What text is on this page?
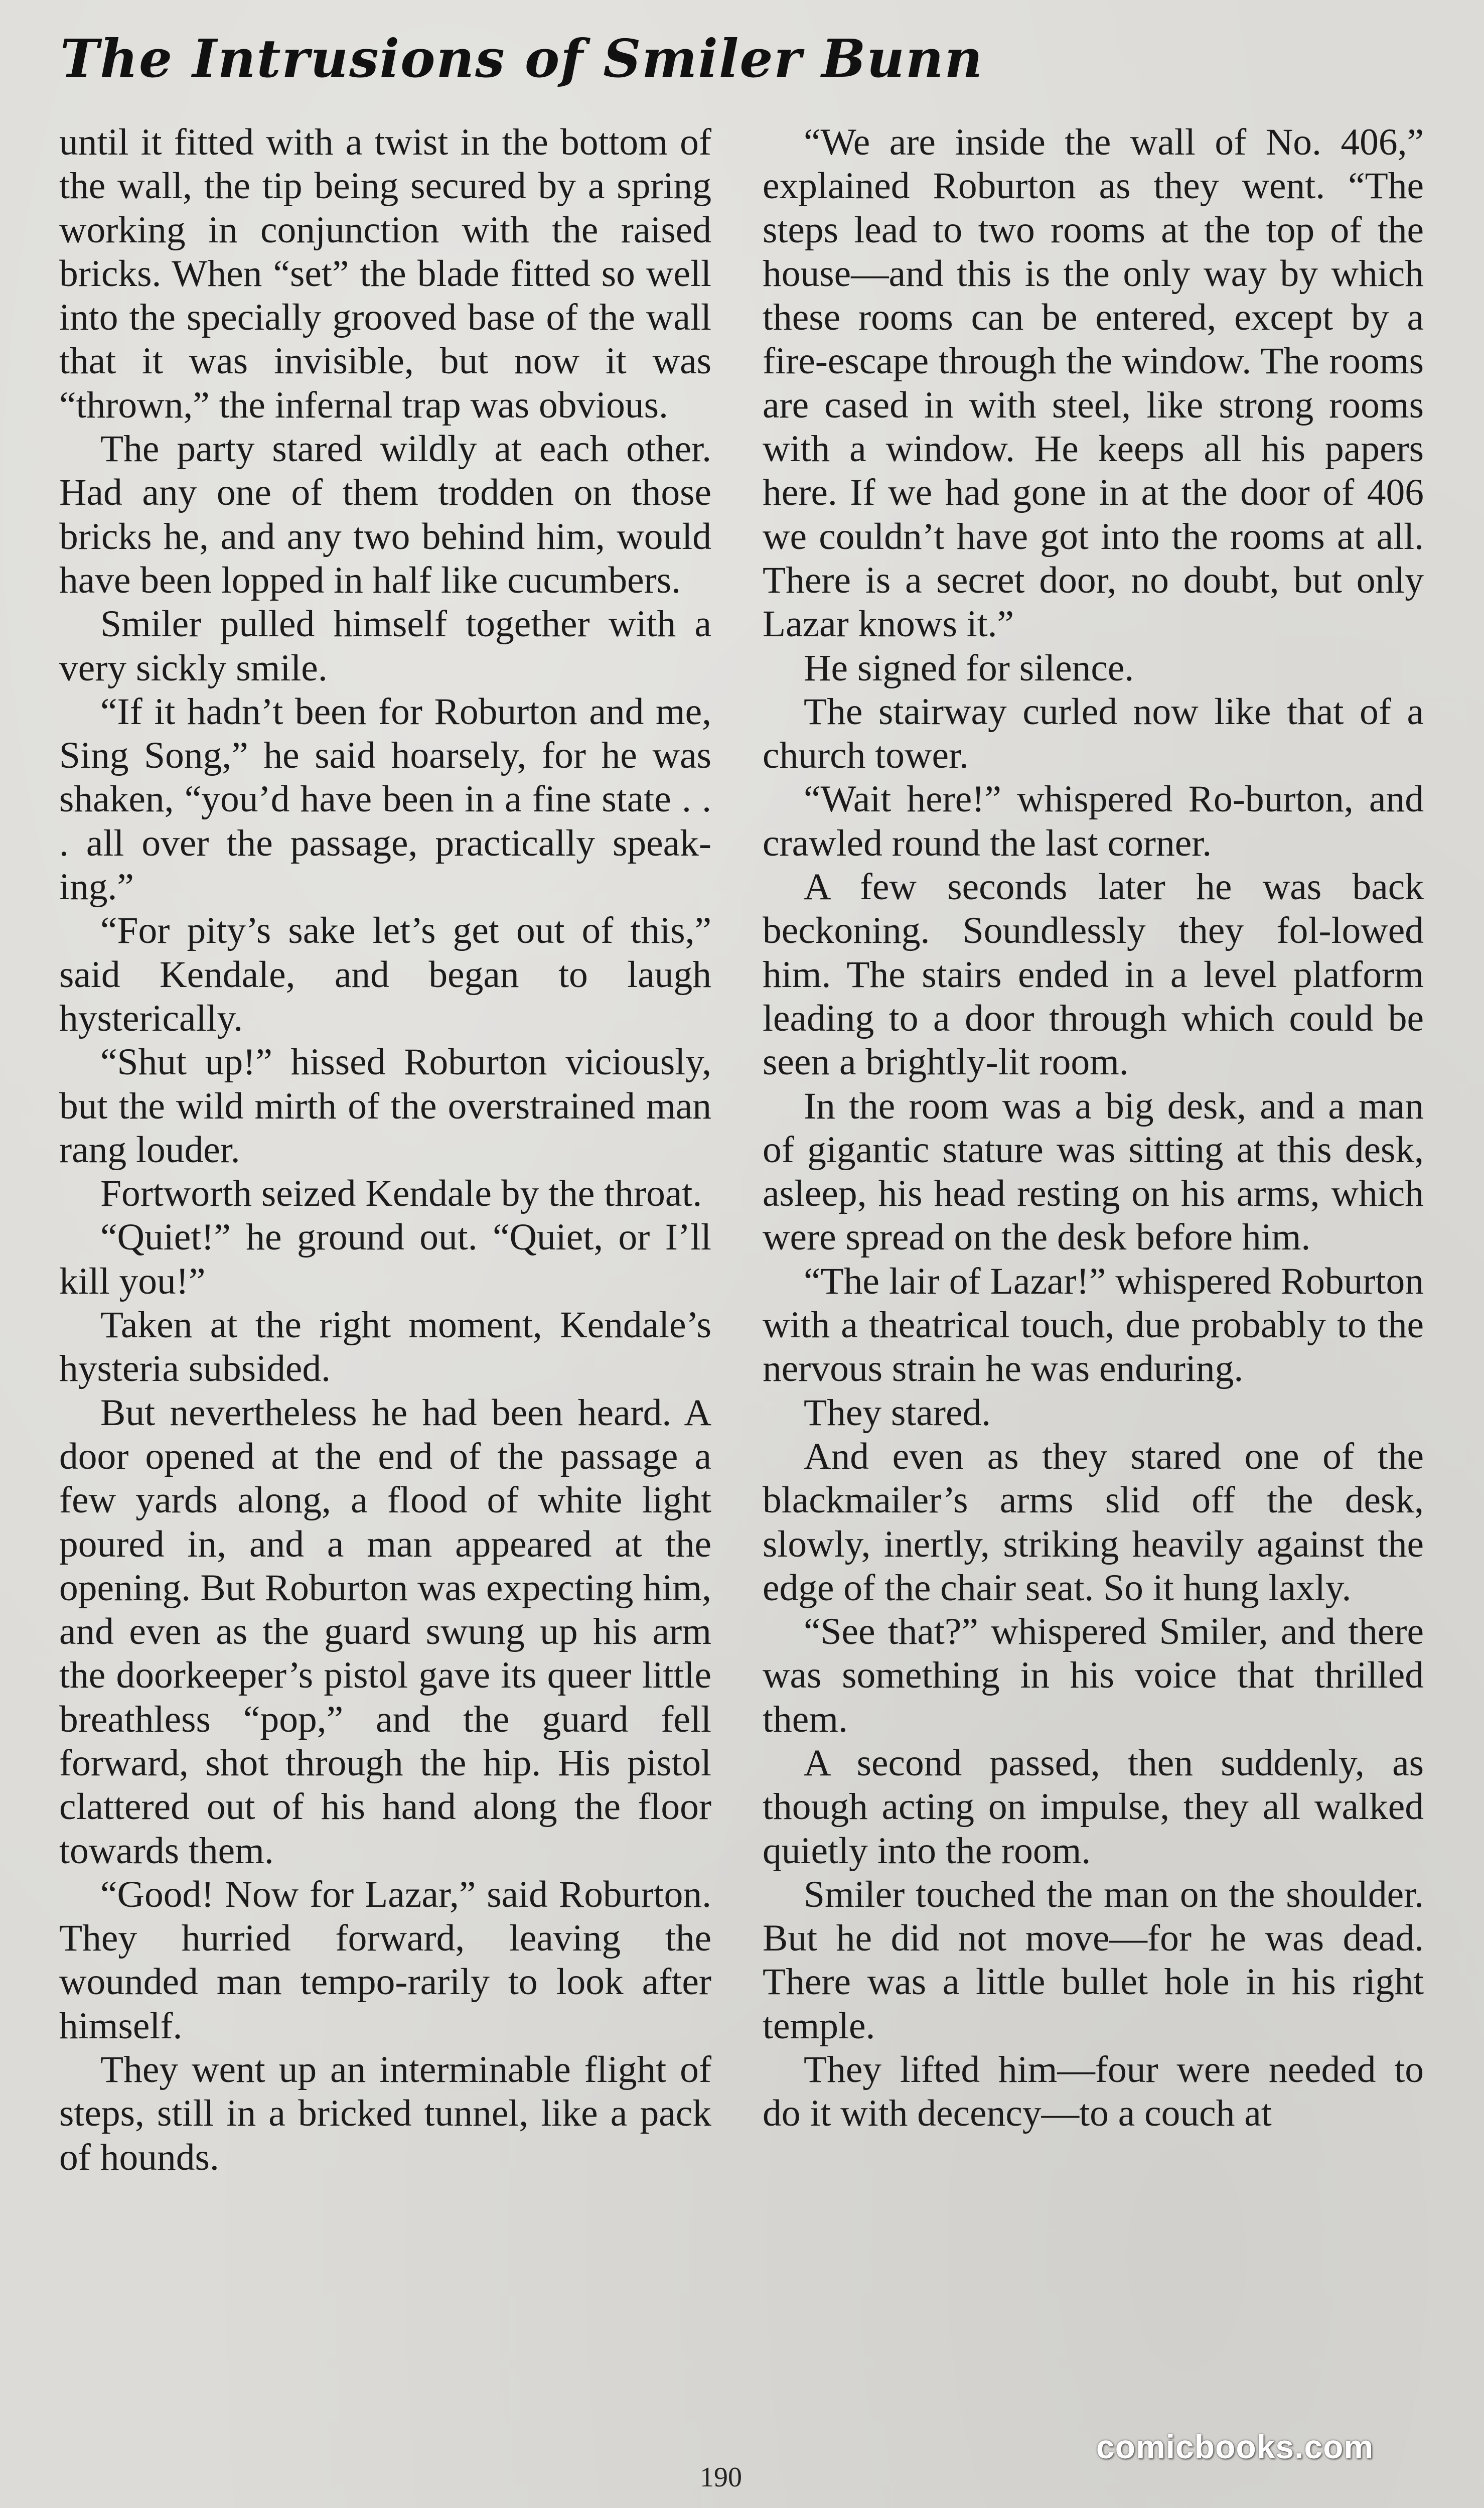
The Intrusions of Smiler Bunn

until it fitted with a twist in the bottom of the wall, the tip being secured by a spring working in conjunction with the raised bricks. When “set” the blade fitted so well into the specially grooved base of the wall that it was invisible, but now it was “thrown,” the infernal trap was obvious.

The party stared wildly at each other. Had any one of them trodden on those bricks he, and any two behind him, would have been lopped in half like cucumbers.

Smiler pulled himself together with a very sickly smile.

“If it hadn’t been for Roburton and me, Sing Song,” he said hoarsely, for he was shaken, “you’d have been in a fine state . . . all over the passage, practically speak-ing.”

“For pity’s sake let’s get out of this,” said Kendale, and began to laugh hysterically.

“Shut up!” hissed Roburton viciously, but the wild mirth of the overstrained man rang louder.

Fortworth seized Kendale by the throat.

“Quiet!” he ground out. “Quiet, or I’ll kill you!”

Taken at the right moment, Kendale’s hysteria subsided.

But nevertheless he had been heard. A door opened at the end of the passage a few yards along, a flood of white light poured in, and a man appeared at the opening. But Roburton was expecting him, and even as the guard swung up his arm the doorkeeper’s pistol gave its queer little breathless “pop,” and the guard fell forward, shot through the hip. His pistol clattered out of his hand along the floor towards them.

“Good! Now for Lazar,” said Roburton. They hurried forward, leaving the wounded man tempo-rarily to look after himself.

They went up an interminable flight of steps, still in a bricked tunnel, like a pack of hounds.

“We are inside the wall of No. 406,” explained Roburton as they went. “The steps lead to two rooms at the top of the house—and this is the only way by which these rooms can be entered, except by a fire-escape through the window. The rooms are cased in with steel, like strong rooms with a window. He keeps all his papers here. If we had gone in at the door of 406 we couldn’t have got into the rooms at all. There is a secret door, no doubt, but only Lazar knows it.”

He signed for silence.

The stairway curled now like that of a church tower.

“Wait here!” whispered Ro-burton, and crawled round the last corner.

A few seconds later he was back beckoning. Soundlessly they fol-lowed him. The stairs ended in a level platform leading to a door through which could be seen a brightly-lit room.

In the room was a big desk, and a man of gigantic stature was sitting at this desk, asleep, his head resting on his arms, which were spread on the desk before him.

“The lair of Lazar!” whispered Roburton with a theatrical touch, due probably to the nervous strain he was enduring.

They stared.

And even as they stared one of the blackmailer’s arms slid off the desk, slowly, inertly, striking heavily against the edge of the chair seat. So it hung laxly.

“See that?” whispered Smiler, and there was something in his voice that thrilled them.

A second passed, then suddenly, as though acting on impulse, they all walked quietly into the room.

Smiler touched the man on the shoulder. But he did not move—for he was dead. There was a little bullet hole in his right temple.

They lifted him—four were needed to do it with decency—to a couch at

190
comicbooks.com
